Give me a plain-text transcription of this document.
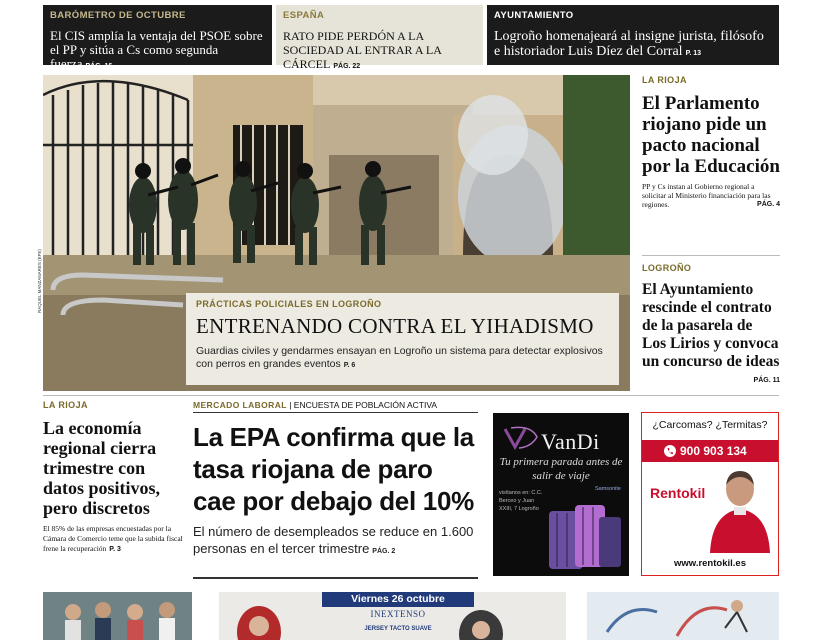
BARÓMETRO DE OCTUBRE
El CIS amplía la ventaja del PSOE sobre el PP y sitúa a Cs como segunda fuerza PÁG. 16
ESPAÑA
RATO PIDE PERDÓN A LA SOCIEDAD AL ENTRAR A LA CÁRCEL PÁG. 22
AYUNTAMIENTO
Logroño homenajeará al insigne jurista, filósofo e historiador Luis Díez del Corral P. 13
RAQUEL MANZANARES (EFE)	PRÁCTICAS POLICIALES EN LOGROÑO
ENTRENANDO CONTRA EL YIHADISMO
Guardias civiles y gendarmes ensayan en Logroño un sistema para detectar explosivos con perros en grandes eventos P. 6
LA RIOJA
El Parlamento riojano pide un pacto nacional por la Educación
PP y Cs instan al Gobierno regional a solicitar al Ministerio financiación para las regiones.	PÁG. 4
LOGROÑO
El Ayuntamiento rescinde el contrato de la pasarela de Los Lirios y convoca un concurso de ideas
PÁG. 11
LA RIOJA
La economía regional cierra trimestre con datos positivos, pero discretos
El 85% de las empresas encuestadas por la Cámara de Comercio teme que la subida fiscal frene la recuperación P. 3
MERCADO LABORAL | ENCUESTA DE POBLACIÓN ACTIVA
La EPA confirma que la tasa riojana de paro cae por debajo del 10%
El número de desempleados se reduce en 1.600 personas en el tercer trimestre PÁG. 2
VanDi
Tu primera parada antes de salir de viaje
visítanos en: C.C. Berceo y Juan XXIII, 7 Logroño
Samsonite
¿Carcomas? ¿Termitas?
900 903 134
Rentokil
www.rentokil.es
Viernes 26 octubre
INEXTENSO
JERSEY TACTO SUAVE
